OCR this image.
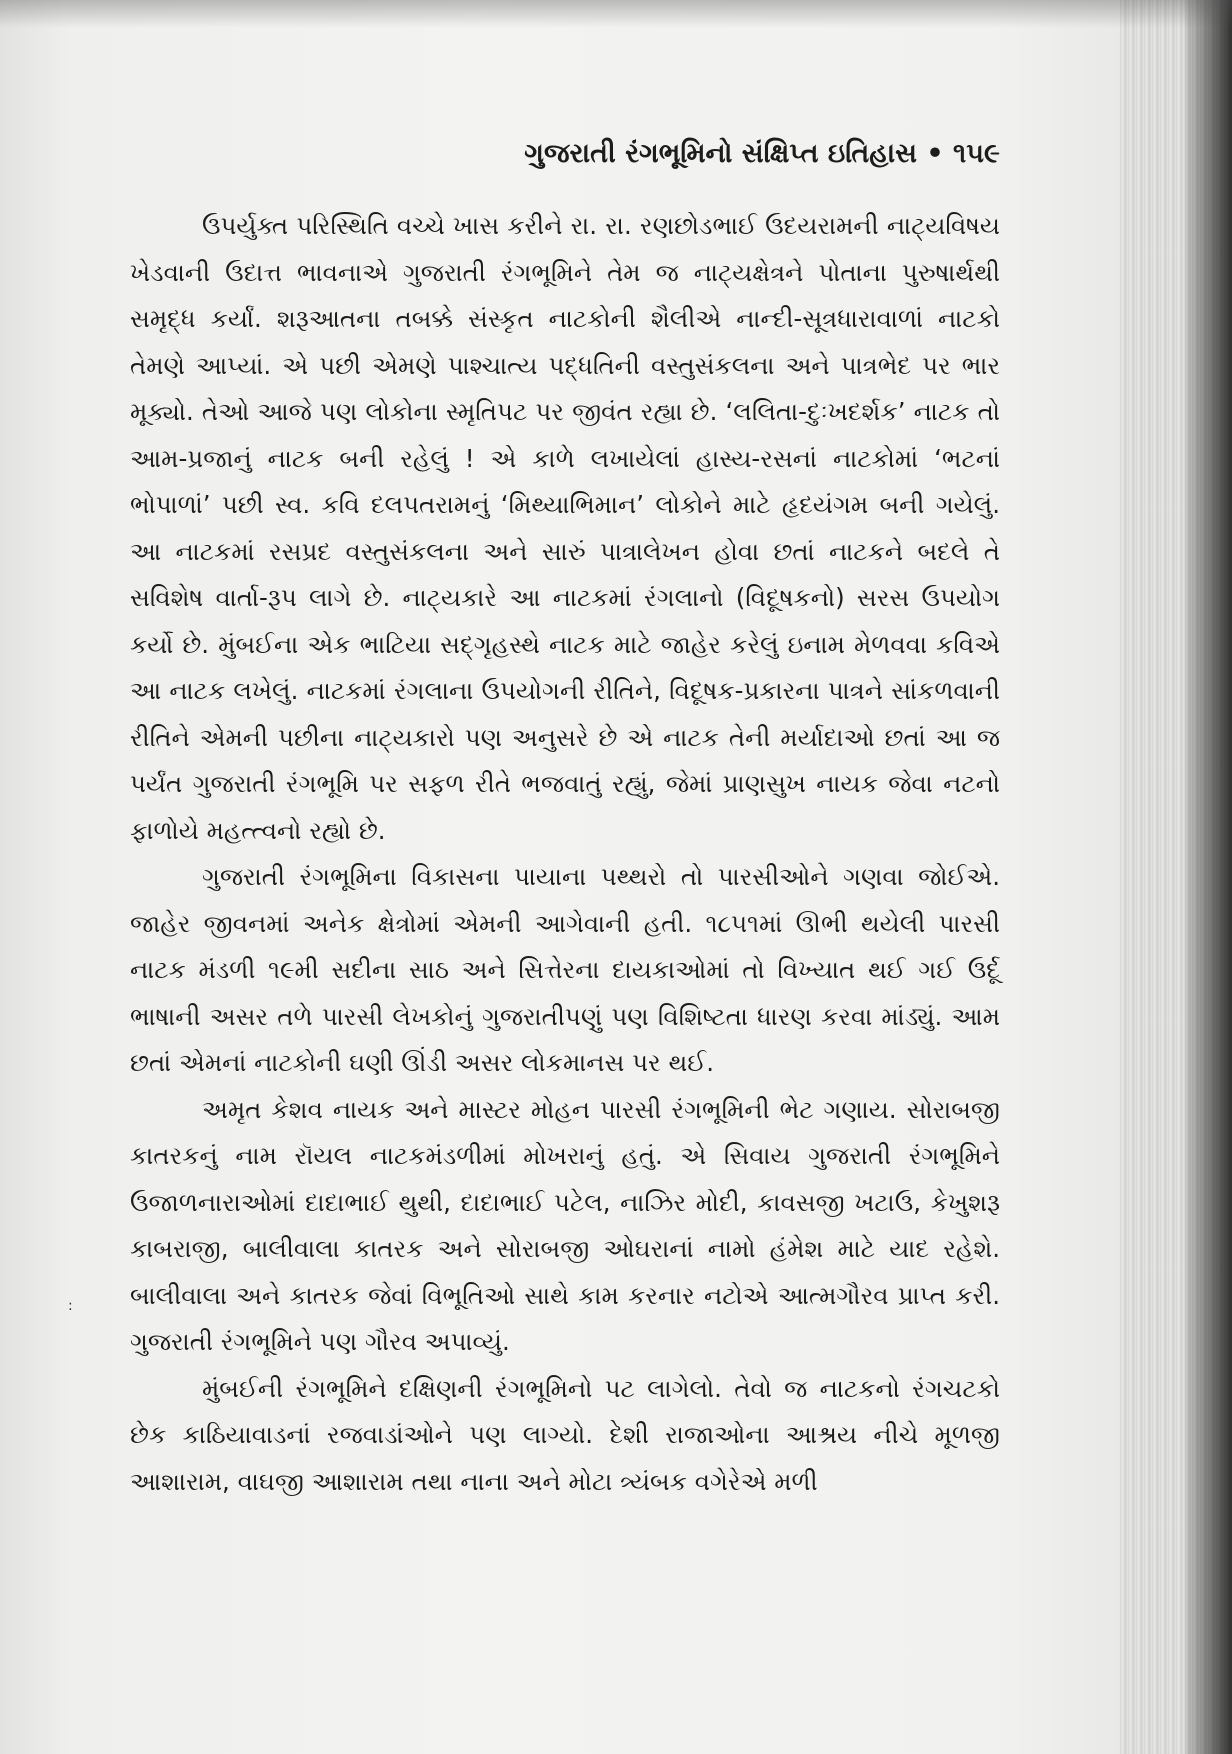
ગુજરાતી રંગભૂમિનો સંક્ષિપ્ત ઇતિહાસ • ૧૫૯

ઉપર્યુક્ત પરિસ્થિતિ વચ્ચે ખાસ કરીને રા. રા. રણછોડભાઈ ઉદયરામની નાટ્યવિષય ખેડવાની ઉદાત્ત ભાવનાએ ગુજરાતી રંગભૂમિને તેમ જ નાટ્યક્ષેત્રને પોતાના પુરુષાર્થથી સમૃદ્ધ કર્યાં. શરૂઆતના તબક્કે સંસ્કૃત નાટકોની શૈલીએ નાન્દી-સૂત્રધારાવાળાં નાટકો તેમણે આપ્યાં. એ પછી એમણે પાશ્ચાત્ય પદ્ધતિની વસ્તુસંકલના અને પાત્રભેદ પર ભાર મૂક્યો. તેઓ આજે પણ લોકોના સ્મૃતિપટ પર જીવંત રહ્યા છે. ‘લલિતા-દુઃખદર્શક’ નાટક તો આમ-પ્રજાનું નાટક બની રહેલું ! એ કાળે લખાયેલાં હાસ્ય-રસનાં નાટકોમાં ‘ભટનાં ભોપાળાં’ પછી સ્વ. કવિ દલપતરામનું ‘મિથ્યાભિમાન’ લોકોને માટે હૃદયંગમ બની ગયેલું. આ નાટકમાં રસપ્રદ વસ્તુસંકલના અને સારું પાત્રાલેખન હોવા છતાં નાટકને બદલે તે સવિશેષ વાર્તા-રૂપ લાગે છે. નાટ્યકારે આ નાટકમાં રંગલાનો (વિદૂષકનો) સરસ ઉપયોગ કર્યો છે. મુંબઈના એક ભાટિયા સદ્‌ગૃહસ્થે નાટક માટે જાહેર કરેલું ઇનામ મેળવવા કવિએ આ નાટક લખેલું. નાટકમાં રંગલાના ઉપયોગની રીતિને, વિદૂષક-પ્રકારના પાત્રને સાંકળવાની રીતિને એમની પછીના નાટ્યકારો પણ અનુસરે છે એ નાટક તેની મર્યાદાઓ છતાં આ જ પર્યંત ગુજરાતી રંગભૂમિ પર સફળ રીતે ભજવાતું રહ્યું, જેમાં પ્રાણસુખ નાયક જેવા નટનો ફાળોયે મહત્ત્વનો રહ્યો છે.

ગુજરાતી રંગભૂમિના વિકાસના પાયાના પથ્થરો તો પારસીઓને ગણવા જોઈએ. જાહેર જીવનમાં અનેક ક્ષેત્રોમાં એમની આગેવાની હતી. ૧૮૫૧માં ઊભી થયેલી પારસી નાટક મંડળી ૧૯મી સદીના સાઠ અને સિત્તેરના દાયકાઓમાં તો વિખ્યાત થઈ ગઈ ઉર્દૂ ભાષાની અસર તળે પારસી લેખકોનું ગુજરાતીપણું પણ વિશિષ્ટતા ધારણ કરવા માંડ્યું. આમ છતાં એમનાં નાટકોની ઘણી ઊંડી અસર લોકમાનસ પર થઈ.

અમૃત કેશવ નાયક અને માસ્ટર મોહન પારસી રંગભૂમિની ભેટ ગણાય. સોરાબજી કાતરકનું નામ રૉયલ નાટકમંડળીમાં મોખરાનું હતું. એ સિવાય ગુજરાતી રંગભૂમિને ઉજાળનારાઓમાં દાદાભાઈ થુથી, દાદાભાઈ પટેલ, નાઝિર મોદી, કાવસજી ખટાઉ, કેખુશરૂ કાબરાજી, બાલીવાલા કાતરક અને સોરાબજી ઓઘરાનાં નામો હંમેશ માટે યાદ રહેશે. બાલીવાલા અને કાતરક જેવાં વિભૂતિઓ સાથે કામ કરનાર નટોએ આત્મગૌરવ પ્રાપ્ત કરી. ગુજરાતી રંગભૂમિને પણ ગૌરવ અપાવ્યું.

મુંબઈની રંગભૂમિને દક્ષિણની રંગભૂમિનો પટ લાગેલો. તેવો જ નાટકનો રંગચટકો છેક કાઠિયાવાડનાં રજવાડાંઓને પણ લાગ્યો. દેશી રાજાઓના આશ્રય નીચે મૂળજી આશારામ, વાઘજી આશારામ તથા નાના અને મોટા ત્ર્યંબક વગેરેએ મળી

:
